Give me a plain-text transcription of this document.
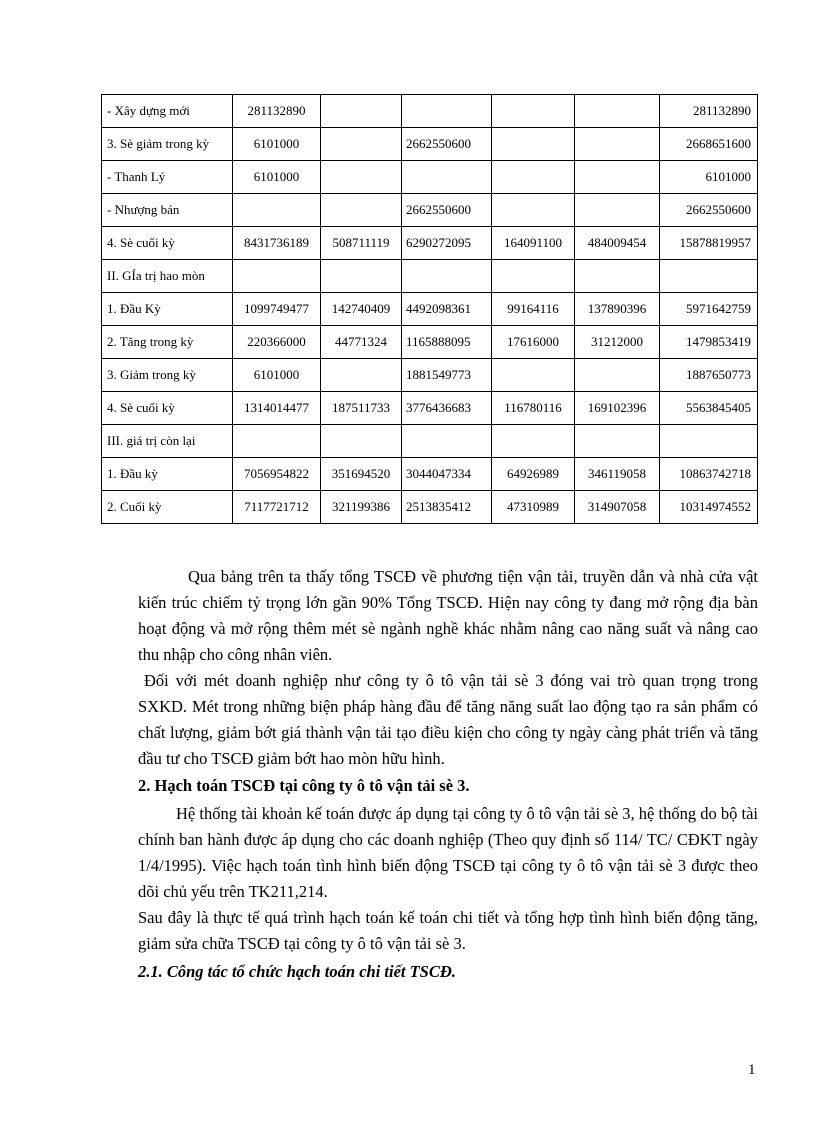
- Xây dựng mới	281132890					281132890
3. Sè giảm trong kỳ	6101000		2662550600			2668651600
- Thanh Lý	6101000					6101000
- Nhượng bán			2662550600			2662550600
4. Sè cuối kỳ	8431736189	508711119	6290272095	164091100	484009454	15878819957
II. GÍa trị hao mòn						
1. Đầu Kỳ	1099749477	142740409	4492098361	99164116	137890396	5971642759
2. Tăng trong kỳ	220366000	44771324	1165888095	17616000	31212000	1479853419
3. Giảm trong kỳ	6101000		1881549773			1887650773
4. Sè cuối kỳ	1314014477	187511733	3776436683	116780116	169102396	5563845405
III. giá trị còn lại						
1. Đầu kỳ	7056954822	351694520	3044047334	64926989	346119058	10863742718
2. Cuối kỳ	7117721712	321199386	2513835412	47310989	314907058	10314974552

Qua bảng trên ta thấy tổng TSCĐ về phương tiện vận tải, truyền dẫn và nhà cửa vật kiến trúc chiếm tỷ trọng lớn gần 90% Tổng TSCĐ. Hiện nay công ty đang mở rộng địa bàn hoạt động và mở rộng thêm mét sè ngành nghề khác nhằm nâng cao năng suất và nâng cao thu nhập cho công nhân viên.

Đối với mét doanh nghiệp như công ty ô tô vận tải sè 3 đóng vai trò quan trọng trong SXKD. Mét trong những biện pháp hàng đầu để tăng năng suất lao động tạo ra sản phẩm có chất lượng, giảm bớt giá thành vận tải tạo điều kiện cho công ty ngày càng phát triển và tăng đầu tư cho TSCĐ giảm bớt hao mòn hữu hình.

2. Hạch toán TSCĐ tại công ty ô tô vận tải sè 3.

Hệ thống tài khoản kế toán được áp dụng tại công ty ô tô vận tải sè 3, hệ thống do bộ tài chính ban hành được áp dụng cho các doanh nghiệp (Theo quy định số 114/ TC/ CĐKT ngày 1/4/1995). Việc hạch toán tình hình biến động TSCĐ tại công ty ô tô vận tải sè 3 được theo dõi chủ yếu trên TK211,214.

Sau đây là thực tế quá trình hạch toán kế toán chi tiết và tổng hợp tình hình biến động tăng, giảm sửa chữa TSCĐ tại công ty ô tô vận tải sè 3.

2.1. Công tác tổ chức hạch toán chi tiết TSCĐ.

1
